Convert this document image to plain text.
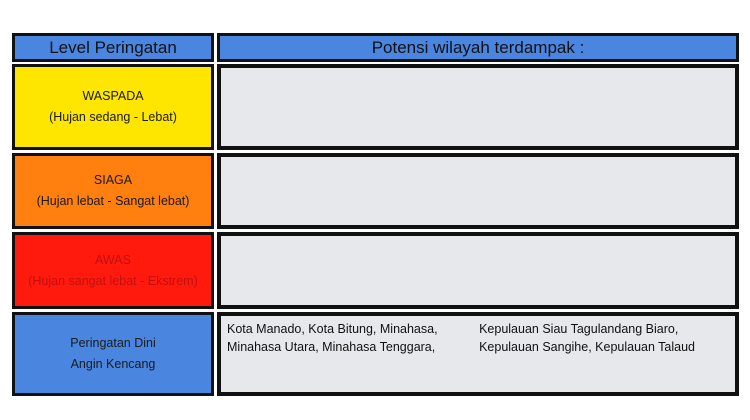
Level Peringatan	Potensi wilayah terdampak :
WASPADA
(Hujan sedang - Lebat)
SIAGA
(Hujan lebat - Sangat lebat)
AWAS
(Hujan sangat lebat - Ekstrem)
Peringatan Dini
Angin Kencang
Kota Manado, Kota Bitung, Minahasa, Minahasa Utara, Minahasa Tenggara,
Kepulauan Siau Tagulandang Biaro, Kepulauan Sangihe, Kepulauan Talaud
